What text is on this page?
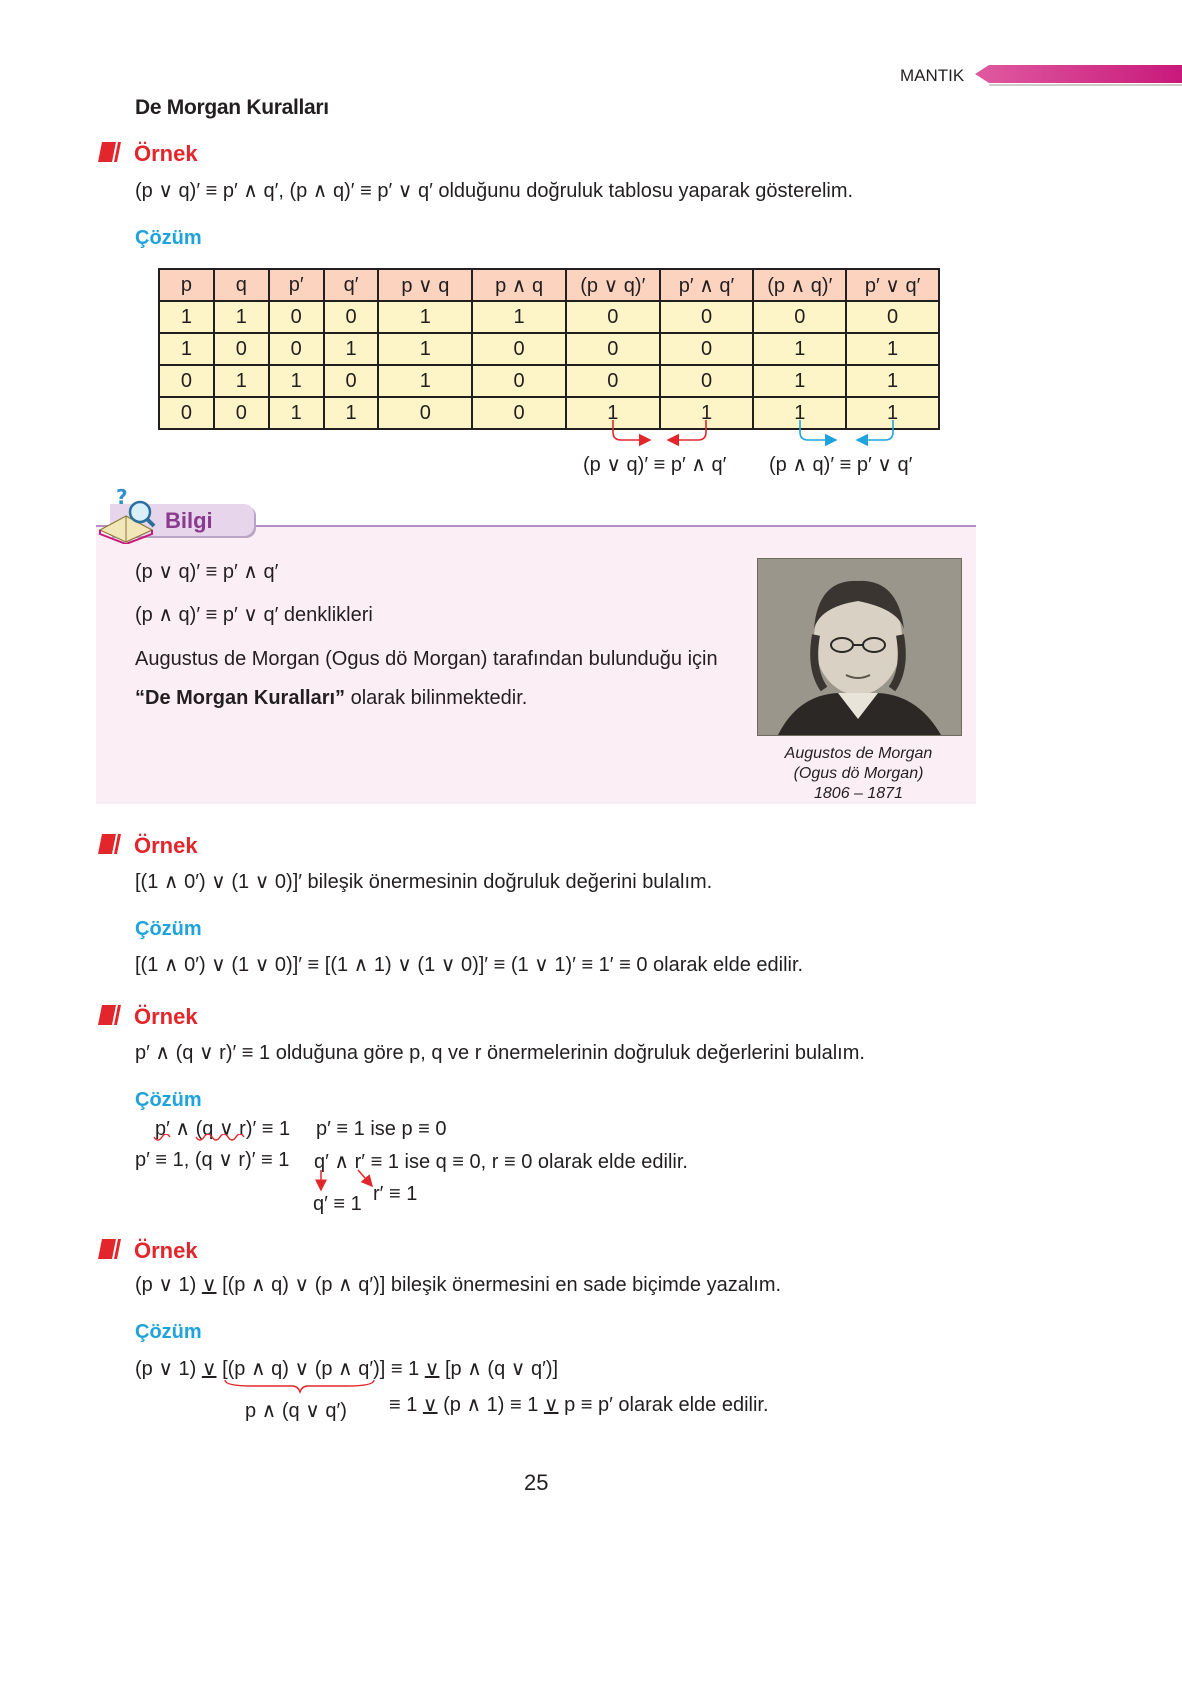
MANTIK
De Morgan Kuralları
Örnek
(p ∨ q)′ ≡ p′ ∧ q′, (p ∧ q)′ ≡ p′ ∨ q′ olduğunu doğruluk tablosu yaparak gösterelim.
Çözüm
p	q	p′	q′	p ∨ q	p ∧ q	(p ∨ q)′	p′ ∧ q′	(p ∧ q)′	p′ ∨ q′
1	1	0	0	1	1	0	0	0	0
1	0	0	1	1	0	0	0	1	1
0	1	1	0	1	0	0	0	1	1
0	0	1	1	0	0	1	1	1	1
(p ∨ q)′ ≡ p′ ∧ q′ (p ∧ q)′ ≡ p′ ∨ q′
?
Bilgi
(p ∨ q)′ ≡ p′ ∧ q′
(p ∧ q)′ ≡ p′ ∨ q′ denklikleri
Augustus de Morgan (Ogus dö Morgan) tarafından bulunduğu için
“De Morgan Kuralları” olarak bilinmektedir.
Augustos de Morgan
(Ogus dö Morgan)
1806 – 1871
Örnek
[(1 ∧ 0′) ∨ (1 ∨ 0)]′ bileşik önermesinin doğruluk değerini bulalım.
Çözüm
[(1 ∧ 0′) ∨ (1 ∨ 0)]′ ≡ [(1 ∧ 1) ∨ (1 ∨ 0)]′ ≡ (1 ∨ 1)′ ≡ 1′ ≡ 0 olarak elde edilir.
Örnek
p′ ∧ (q ∨ r)′ ≡ 1 olduğuna göre p, q ve r önermelerinin doğruluk değerlerini bulalım.
Çözüm
p′ ∧ (q ∨ r)′ ≡ 1
p′ ≡ 1, (q ∨ r)′ ≡ 1
p′ ≡ 1 ise p ≡ 0
q′ ∧ r′ ≡ 1 ise q ≡ 0, r ≡ 0 olarak elde edilir.
q′ ≡ 1 r′ ≡ 1
Örnek
(p ∨ 1) ∨ [(p ∧ q) ∨ (p ∧ q′)] bileşik önermesini en sade biçimde yazalım.
Çözüm
(p ∨ 1) ∨ [(p ∧ q) ∨ (p ∧ q′)] ≡ 1 ∨ [p ∧ (q ∨ q′)]
p ∧ (q ∨ q′) ≡ 1 ∨ (p ∧ 1) ≡ 1 ∨ p ≡ p′ olarak elde edilir.
25
